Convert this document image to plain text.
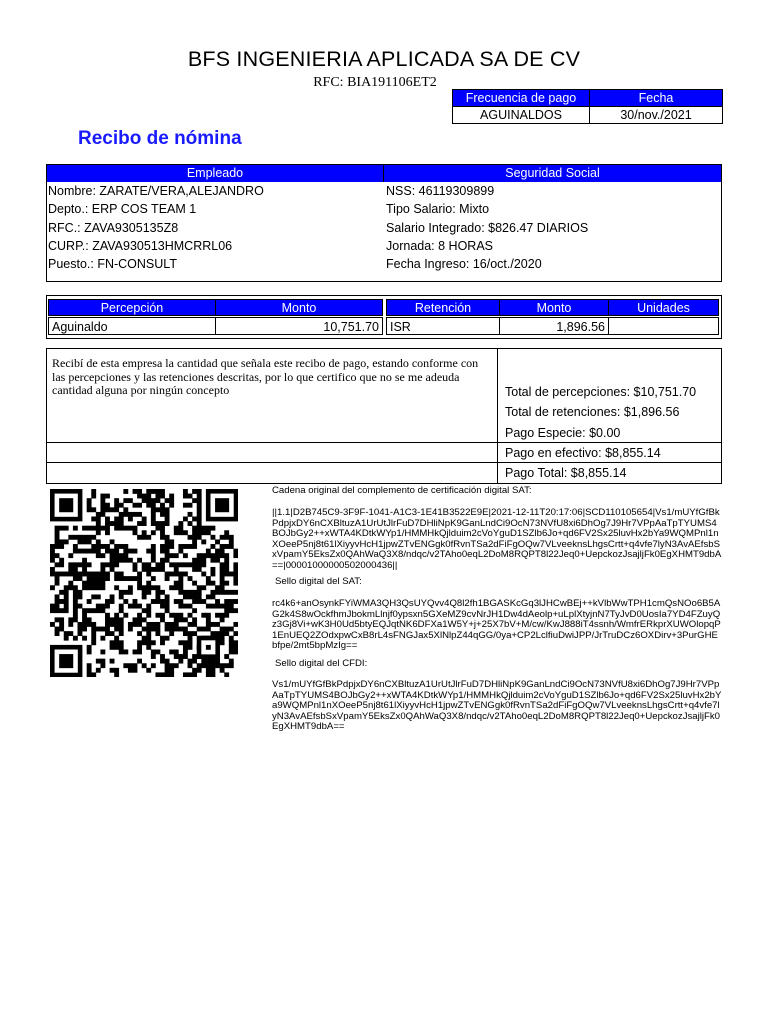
BFS INGENIERIA APLICADA SA DE CV
RFC: BIA191106ET2
Recibo de nómina
Frecuencia de pago	Fecha
AGUINALDOS	30/nov./2021
Empleado	Seguridad Social
Nombre: ZARATE/VERA,ALEJANDRO
Depto.: ERP COS TEAM 1
RFC.: ZAVA9305135Z8
CURP.: ZAVA930513HMCRRL06
Puesto.: FN-CONSULT
NSS: 46119309899
Tipo Salario: Mixto
Salario Integrado: $826.47 DIARIOS
Jornada: 8 HORAS
Fecha Ingreso: 16/oct./2020
Percepción	Monto	Retención	Monto	Unidades
Aguinaldo	10,751.70 ISR	1,896.56
Recibí de esta empresa la cantidad que señala este recibo de pago, estando conforme con las percepciones y las retenciones descritas, por lo que certifico que no se me adeuda cantidad alguna por ningún concepto	Total de percepciones: $10,751.70
Total de retenciones: $1,896.56
Pago Especie: $0.00
Pago en efectivo: $8,855.14
Pago Total: $8,855.14
Cadena original del complemento de certificación digital SAT:
||1.1|D2B745C9-3F9F-1041-A1C3-1E41B3522E9E|2021-12-11T20:17:06|SCD110105654|Vs1/mUYfGfBkPdpjxDY6nCXBltuzA1UrUtJlrFuD7DHliNpK9GanLndCi9OcN73NVfU8xi6DhOg7J9Hr7VPpAaTpTYUMS4BOJbGy2++xWTA4KDtkWYp1/HMMHkQjlduim2cVoYguD1SZlb6Jo+qd6FV2Sx25luvHx2bYa9WQMPnl1nXOeeP5nj8t61lXiyyvHcH1jpwZTvENGgk0fRvnTSa2dFiFgOQw7VLveeknsLhgsCrtt+q4vfe7lyN3AvAEfsbSxVpamY5EksZx0QAhWaQ3X8/ndqc/v2TAho0eqL2DoM8RQPT8l22Jeq0+UepckozJsajljFk0EgXHMT9dbA==|00001000000502000436||
Sello digital del SAT:
rc4k6+anOsynkFYiWMA3QH3QsUYQvv4Q8l2fh1BGASKcGq3lJHCwBEj++kVlbWwTPH1cmQsNOo6B5AG2k4S8wOckfhmJbokmLlnjf0ypsxn5GXeMZ9cvNrJH1Dw4dAeolp+uLplXtyjnN7TyJvD0UosIa7YD4FZuyQz3Gj8Vi+wK3H0Ud5btyEQJqtNK6DFXa1W5Y+j+25X7bV+M/cw/KwJ888iT4ssnh/WmfrERkprXUWOlopqP1EnUEQ2ZOdxpwCxB8rL4sFNGJax5XlNlpZ44qGG/0ya+CP2LclfiuDwiJPP/JrTruDCz6OXDirv+3PurGHEbfpe/2mt5bpMzIg==
Sello digital del CFDI:
Vs1/mUYfGfBkPdpjxDY6nCXBltuzA1UrUtJlrFuD7DHliNpK9GanLndCi9OcN73NVfU8xi6DhOg7J9Hr7VPpAaTpTYUMS4BOJbGy2++xWTA4KDtkWYp1/HMMHkQjlduim2cVoYguD1SZlb6Jo+qd6FV2Sx25luvHx2bYa9WQMPnl1nXOeeP5nj8t61lXiyyvHcH1jpwZTvENGgk0fRvnTSa2dFiFgOQw7VLveeknsLhgsCrtt+q4vfe7lyN3AvAEfsbSxVpamY5EksZx0QAhWaQ3X8/ndqc/v2TAho0eqL2DoM8RQPT8l22Jeq0+UepckozJsajljFk0EgXHMT9dbA==
